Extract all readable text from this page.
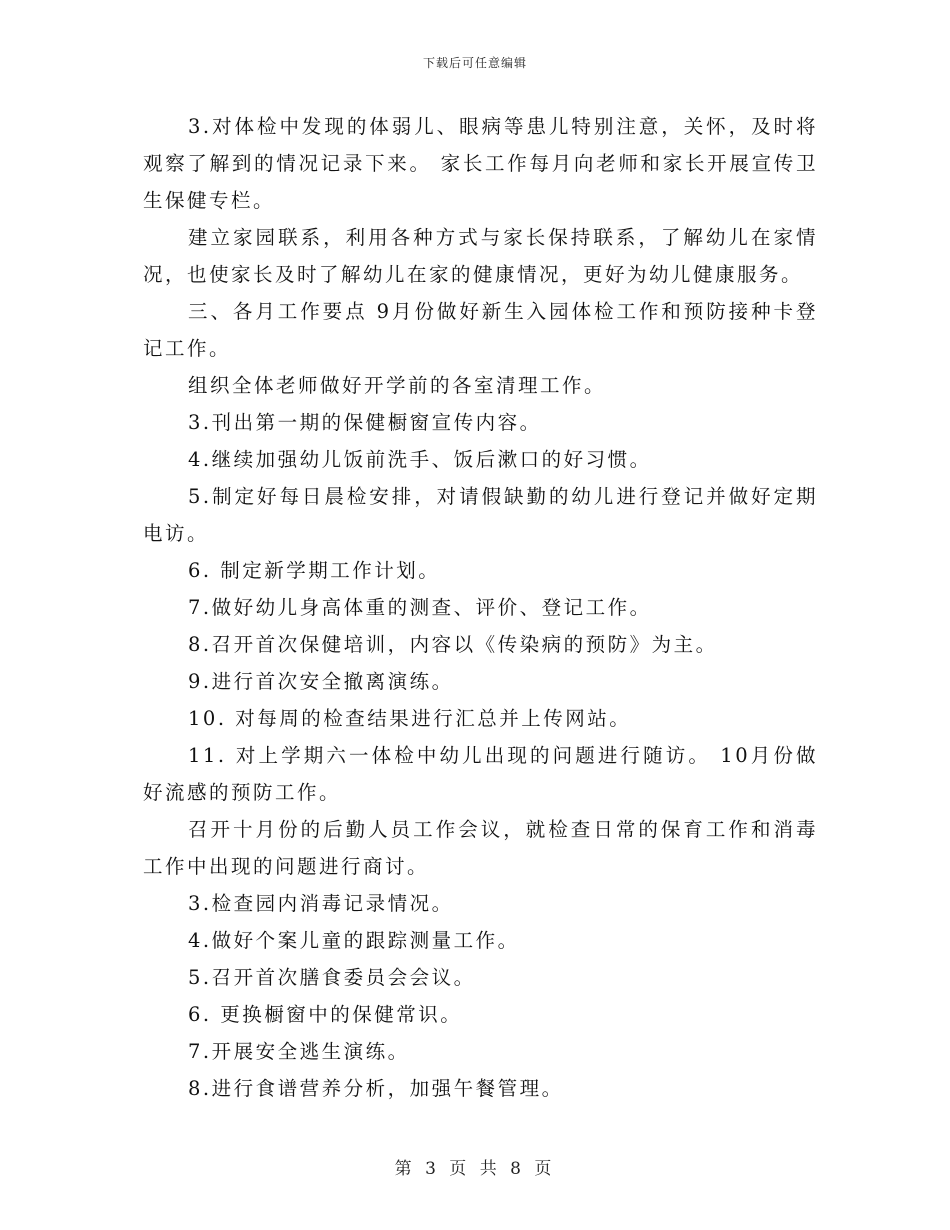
下载后可任意编辑

3.对体检中发现的体弱儿、眼病等患儿特别注意，关怀，及时将观察了解到的情况记录下来。 家长工作每月向老师和家长开展宣传卫生保健专栏。

建立家园联系，利用各种方式与家长保持联系，了解幼儿在家情况，也使家长及时了解幼儿在家的健康情况，更好为幼儿健康服务。

三、各月工作要点 9月份做好新生入园体检工作和预防接种卡登记工作。

组织全体老师做好开学前的各室清理工作。

3.刊出第一期的保健橱窗宣传内容。

4.继续加强幼儿饭前洗手、饭后漱口的好习惯。

5.制定好每日晨检安排，对请假缺勤的幼儿进行登记并做好定期电访。

6. 制定新学期工作计划。

7.做好幼儿身高体重的测查、评价、登记工作。

8.召开首次保健培训，内容以《传染病的预防》为主。

9.进行首次安全撤离演练。

10. 对每周的检查结果进行汇总并上传网站。

11. 对上学期六一体检中幼儿出现的问题进行随访。 10月份做好流感的预防工作。

召开十月份的后勤人员工作会议，就检查日常的保育工作和消毒工作中出现的问题进行商讨。

3.检查园内消毒记录情况。

4.做好个案儿童的跟踪测量工作。

5.召开首次膳食委员会会议。

6. 更换橱窗中的保健常识。

7.开展安全逃生演练。

8.进行食谱营养分析，加强午餐管理。

第 3 页 共 8 页
